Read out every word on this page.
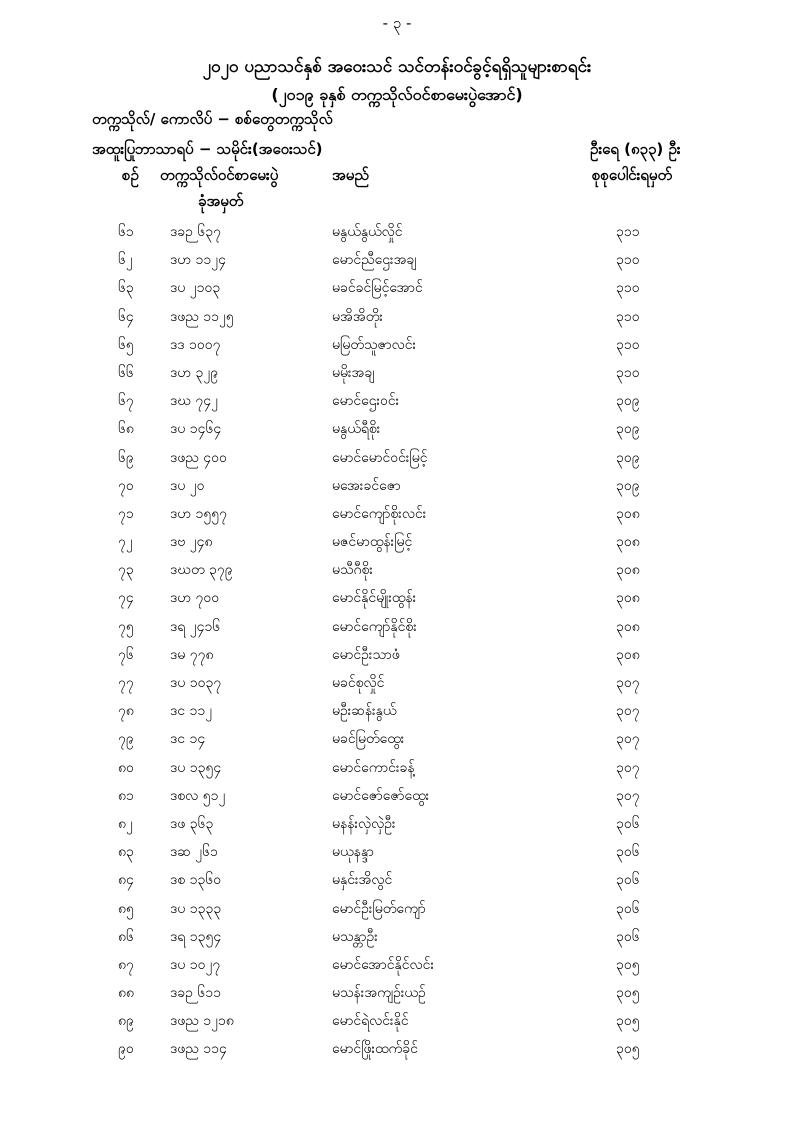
- ၃ -
၂၀၂၀ ပညာသင်နှစ် အဝေးသင် သင်တန်းဝင်ခွင့်ရရှိသူများစာရင်း
(၂၀၁၉ ခုနှစ် တက္ကသိုလ်ဝင်စာမေးပွဲအောင်)
တက္ကသိုလ်/ ကောလိပ် − စစ်တွေတက္ကသိုလ်
အထူးပြုဘာသာရပ် − သမိုင်း(အဝေးသင်)	ဦးရေ (၈၃၃) ဦး
စဉ် တက္ကသိုလ်ဝင်စာမေးပွဲ
ခုံအမှတ်
အမည်	စုစုပေါင်းရမှတ်
၆၁	ဒခဉ ၆၃၇	မနွယ်နွယ်လှိုင်	၃၁၁
၆၂	ဒဟ ၁၁၂၄	မောင်ညီဌေးအချ	၃၁၀
၆၃	ဒပ ၂၁၀၃	မခင်ခင်မြင့်အောင်	၃၁၀
၆၄	ဒဖည ၁၁၂၅	မအိအိတိုး	၃၁၀
၆၅	ဒဒ ၁၀၀၇	မမြတ်သူဇာလင်း	၃၁၀
၆၆	ဒဟ ၃၂၉	မမိုးအချ	၃၁၀
၆၇	ဒဃ ၇၄၂	မောင်ဌေးဝင်း	၃၀၉
၆၈	ဒပ ၁၄၆၄	မနွယ်ရီစိုး	၃၀၉
၆၉	ဒဖည ၄၀၀	မောင်မောင်ဝင်းမြင့်	၃၀၉
၇၀	ဒပ ၂၀	မအေးခင်ဇော	၃၀၉
၇၁	ဒဟ ၁၅၅၇	မောင်ကျော်စိုးလင်း	၃၀၈
၇၂	ဒဗ ၂၄၈	မဇင်မာထွန်းမြင့်	၃၀၈
၇၃	ဒဃတ ၃၇၉	မသီဂီစိုး	၃၀၈
၇၄	ဒဟ ၇၀၀	မောင်နိုင်မျိုးထွန်း	၃၀၈
၇၅	ဒရ ၂၄၁၆	မောင်ကျော်နိုင်စိုး	၃၀၈
၇၆	ဒမ ၇၇၈	မောင်ဦးသာဖံ	၃၀၈
၇၇	ဒပ ၁၀၃၇	မခင်စုလှိုင်	၃၀၇
၇၈	ဒင ၁၁၂	မဦးဆန်းနွယ်	၃၀၇
၇၉	ဒင ၁၄	မခင်မြတ်ထွေး	၃၀၇
၈၀	ဒပ ၁၃၅၄	မောင်ကောင်းခန့်	၃၀၇
၈၁	ဒစလ ၅၁၂	မောင်ဇော်ဇော်ထွေး	၃၀၇
၈၂	ဒဖ ၃၆၃	မနန်းလှဲလှဲဦး	၃၀၆
၈၃	ဒဆ ၂၆၁	မယုနန္ဒာ	၃၀၆
၈၄	ဒစ ၁၃၆၀	မနှင်းအိလွင်	၃၀၆
၈၅	ဒပ ၁၃၃၃	မောင်ဦးမြတ်ကျော်	၃၀၆
၈၆	ဒရ ၁၃၅၄	မသန္တာဦး	၃၀၆
၈၇	ဒပ ၁၀၂၇	မောင်အောင်နိုင်လင်း	၃၀၅
၈၈	ဒခဉ ၆၁၁	မသန်းအကျဉ်းယဉ်	၃၀၅
၈၉	ဒဖည ၁၂၁၈	မောင်ရဲလင်းနိုင်	၃၀၅
၉၀	ဒဖည ၁၁၄	မောင်ဖြိုးထက်ခိုင်	၃၀၅
